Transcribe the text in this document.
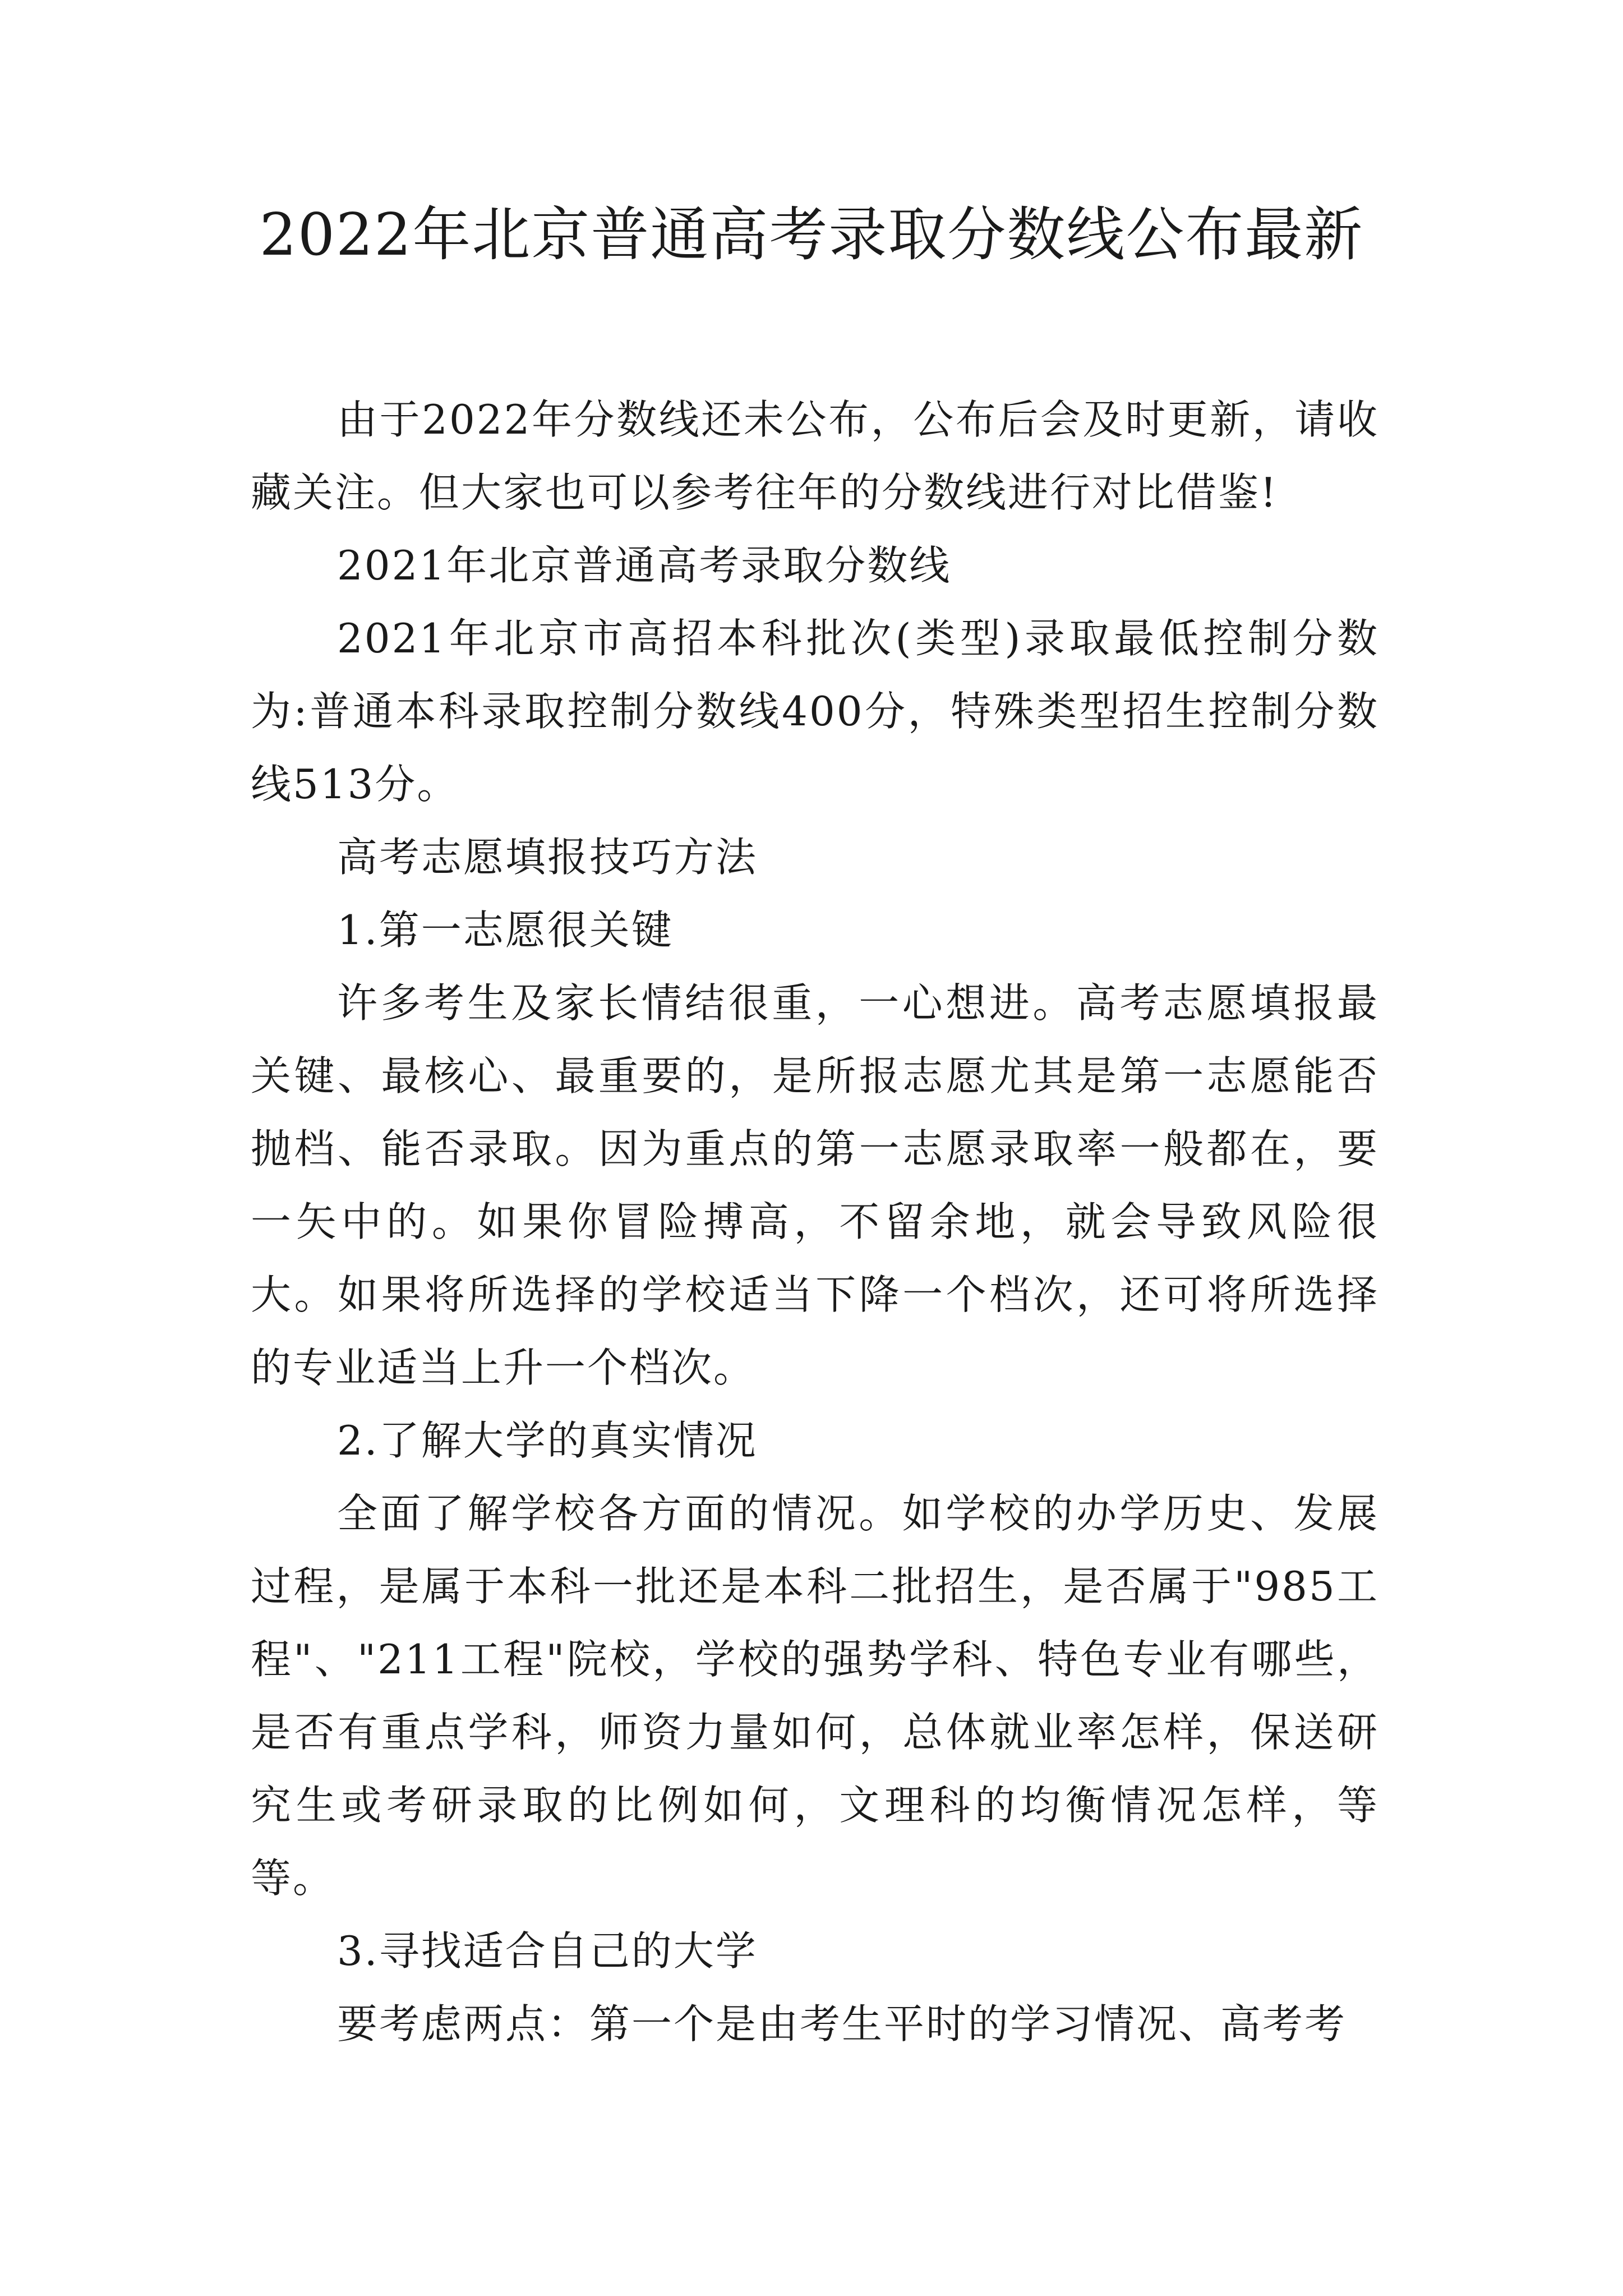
2022年北京普通高考录取分数线公布最新

由于2022年分数线还未公布，公布后会及时更新，请收藏关注。但大家也可以参考往年的分数线进行对比借鉴!

2021年北京普通高考录取分数线

2021年北京市高招本科批次(类型)录取最低控制分数为:普通本科录取控制分数线400分，特殊类型招生控制分数线513分。

高考志愿填报技巧方法

1.第一志愿很关键

许多考生及家长情结很重，一心想进。高考志愿填报最关键、最核心、最重要的，是所报志愿尤其是第一志愿能否抛档、能否录取。因为重点的第一志愿录取率一般都在，要一矢中的。如果你冒险搏高，不留余地，就会导致风险很大。如果将所选择的学校适当下降一个档次，还可将所选择的专业适当上升一个档次。

2.了解大学的真实情况

全面了解学校各方面的情况。如学校的办学历史、发展过程，是属于本科一批还是本科二批招生，是否属于"985工程"、"211工程"院校，学校的强势学科、特色专业有哪些，是否有重点学科，师资力量如何，总体就业率怎样，保送研究生或考研录取的比例如何，文理科的均衡情况怎样，等等。

3.寻找适合自己的大学

要考虑两点：第一个是由考生平时的学习情况、高考考
